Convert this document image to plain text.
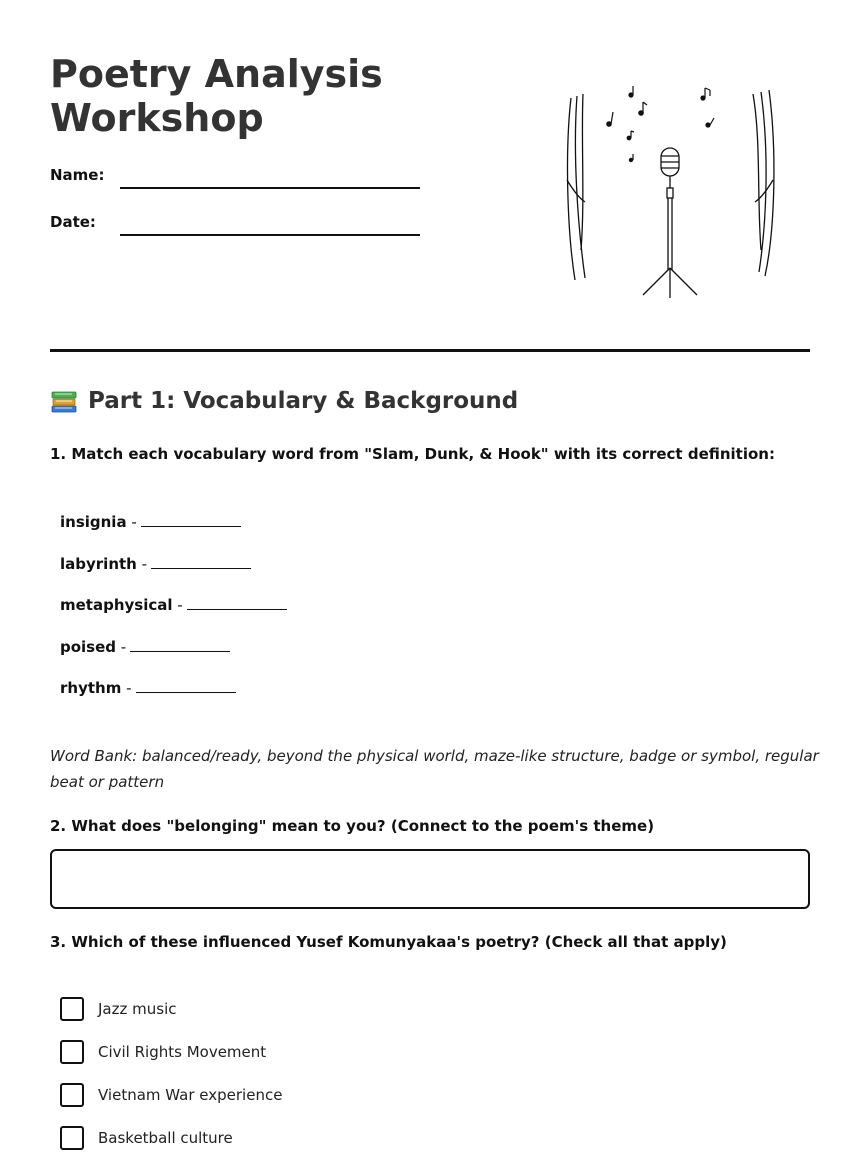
Poetry Analysis
Workshop
Name:
Date:
Part 1: Vocabulary & Background
1. Match each vocabulary word from "Slam, Dunk, & Hook" with its correct definition:
insignia -
labyrinth -
metaphysical -
poised -
rhythm -
Word Bank: balanced/ready, beyond the physical world, maze-like structure, badge or symbol, regular beat or pattern
2. What does "belonging" mean to you? (Connect to the poem's theme)
3. Which of these influenced Yusef Komunyakaa's poetry? (Check all that apply)
Jazz music
Civil Rights Movement
Vietnam War experience
Basketball culture
